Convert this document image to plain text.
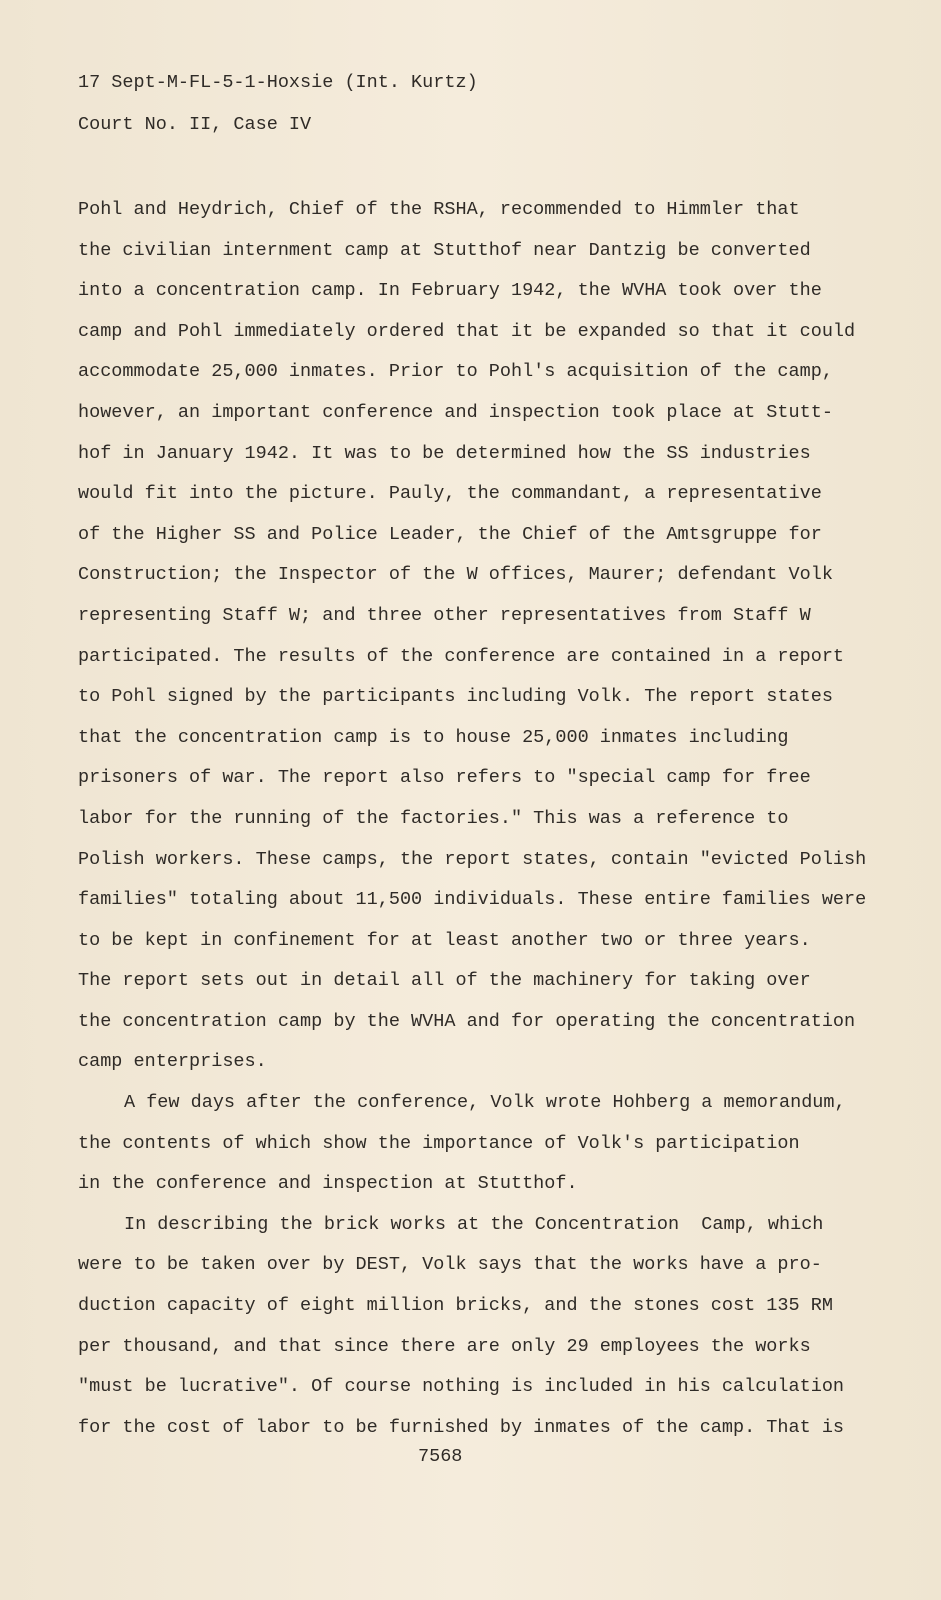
17 Sept-M-FL-5-1-Hoxsie (Int. Kurtz)
Court No. II, Case IV
Pohl and Heydrich, Chief of the RSHA, recommended to Himmler that
the civilian internment camp at Stutthof near Dantzig be converted
into a concentration camp. In February 1942, the WVHA took over the
camp and Pohl immediately ordered that it be expanded so that it could
accommodate 25,000 inmates. Prior to Pohl's acquisition of the camp,
however, an important conference and inspection took place at Stutt-
hof in January 1942. It was to be determined how the SS industries
would fit into the picture. Pauly, the commandant, a representative
of the Higher SS and Police Leader, the Chief of the Amtsgruppe for
Construction; the Inspector of the W offices, Maurer; defendant Volk
representing Staff W; and three other representatives from Staff W
participated. The results of the conference are contained in a report
to Pohl signed by the participants including Volk. The report states
that the concentration camp is to house 25,000 inmates including
prisoners of war. The report also refers to "special camp for free
labor for the running of the factories." This was a reference to
Polish workers. These camps, the report states, contain "evicted Polish
families" totaling about 11,500 individuals. These entire families were
to be kept in confinement for at least another two or three years.
The report sets out in detail all of the machinery for taking over
the concentration camp by the WVHA and for operating the concentration
camp enterprises.
A few days after the conference, Volk wrote Hohberg a memorandum,
the contents of which show the importance of Volk's participation
in the conference and inspection at Stutthof.
In describing the brick works at the Concentration  Camp, which
were to be taken over by DEST, Volk says that the works have a pro-
duction capacity of eight million bricks, and the stones cost 135 RM
per thousand, and that since there are only 29 employees the works
"must be lucrative". Of course nothing is included in his calculation
for the cost of labor to be furnished by inmates of the camp. That is
7568
